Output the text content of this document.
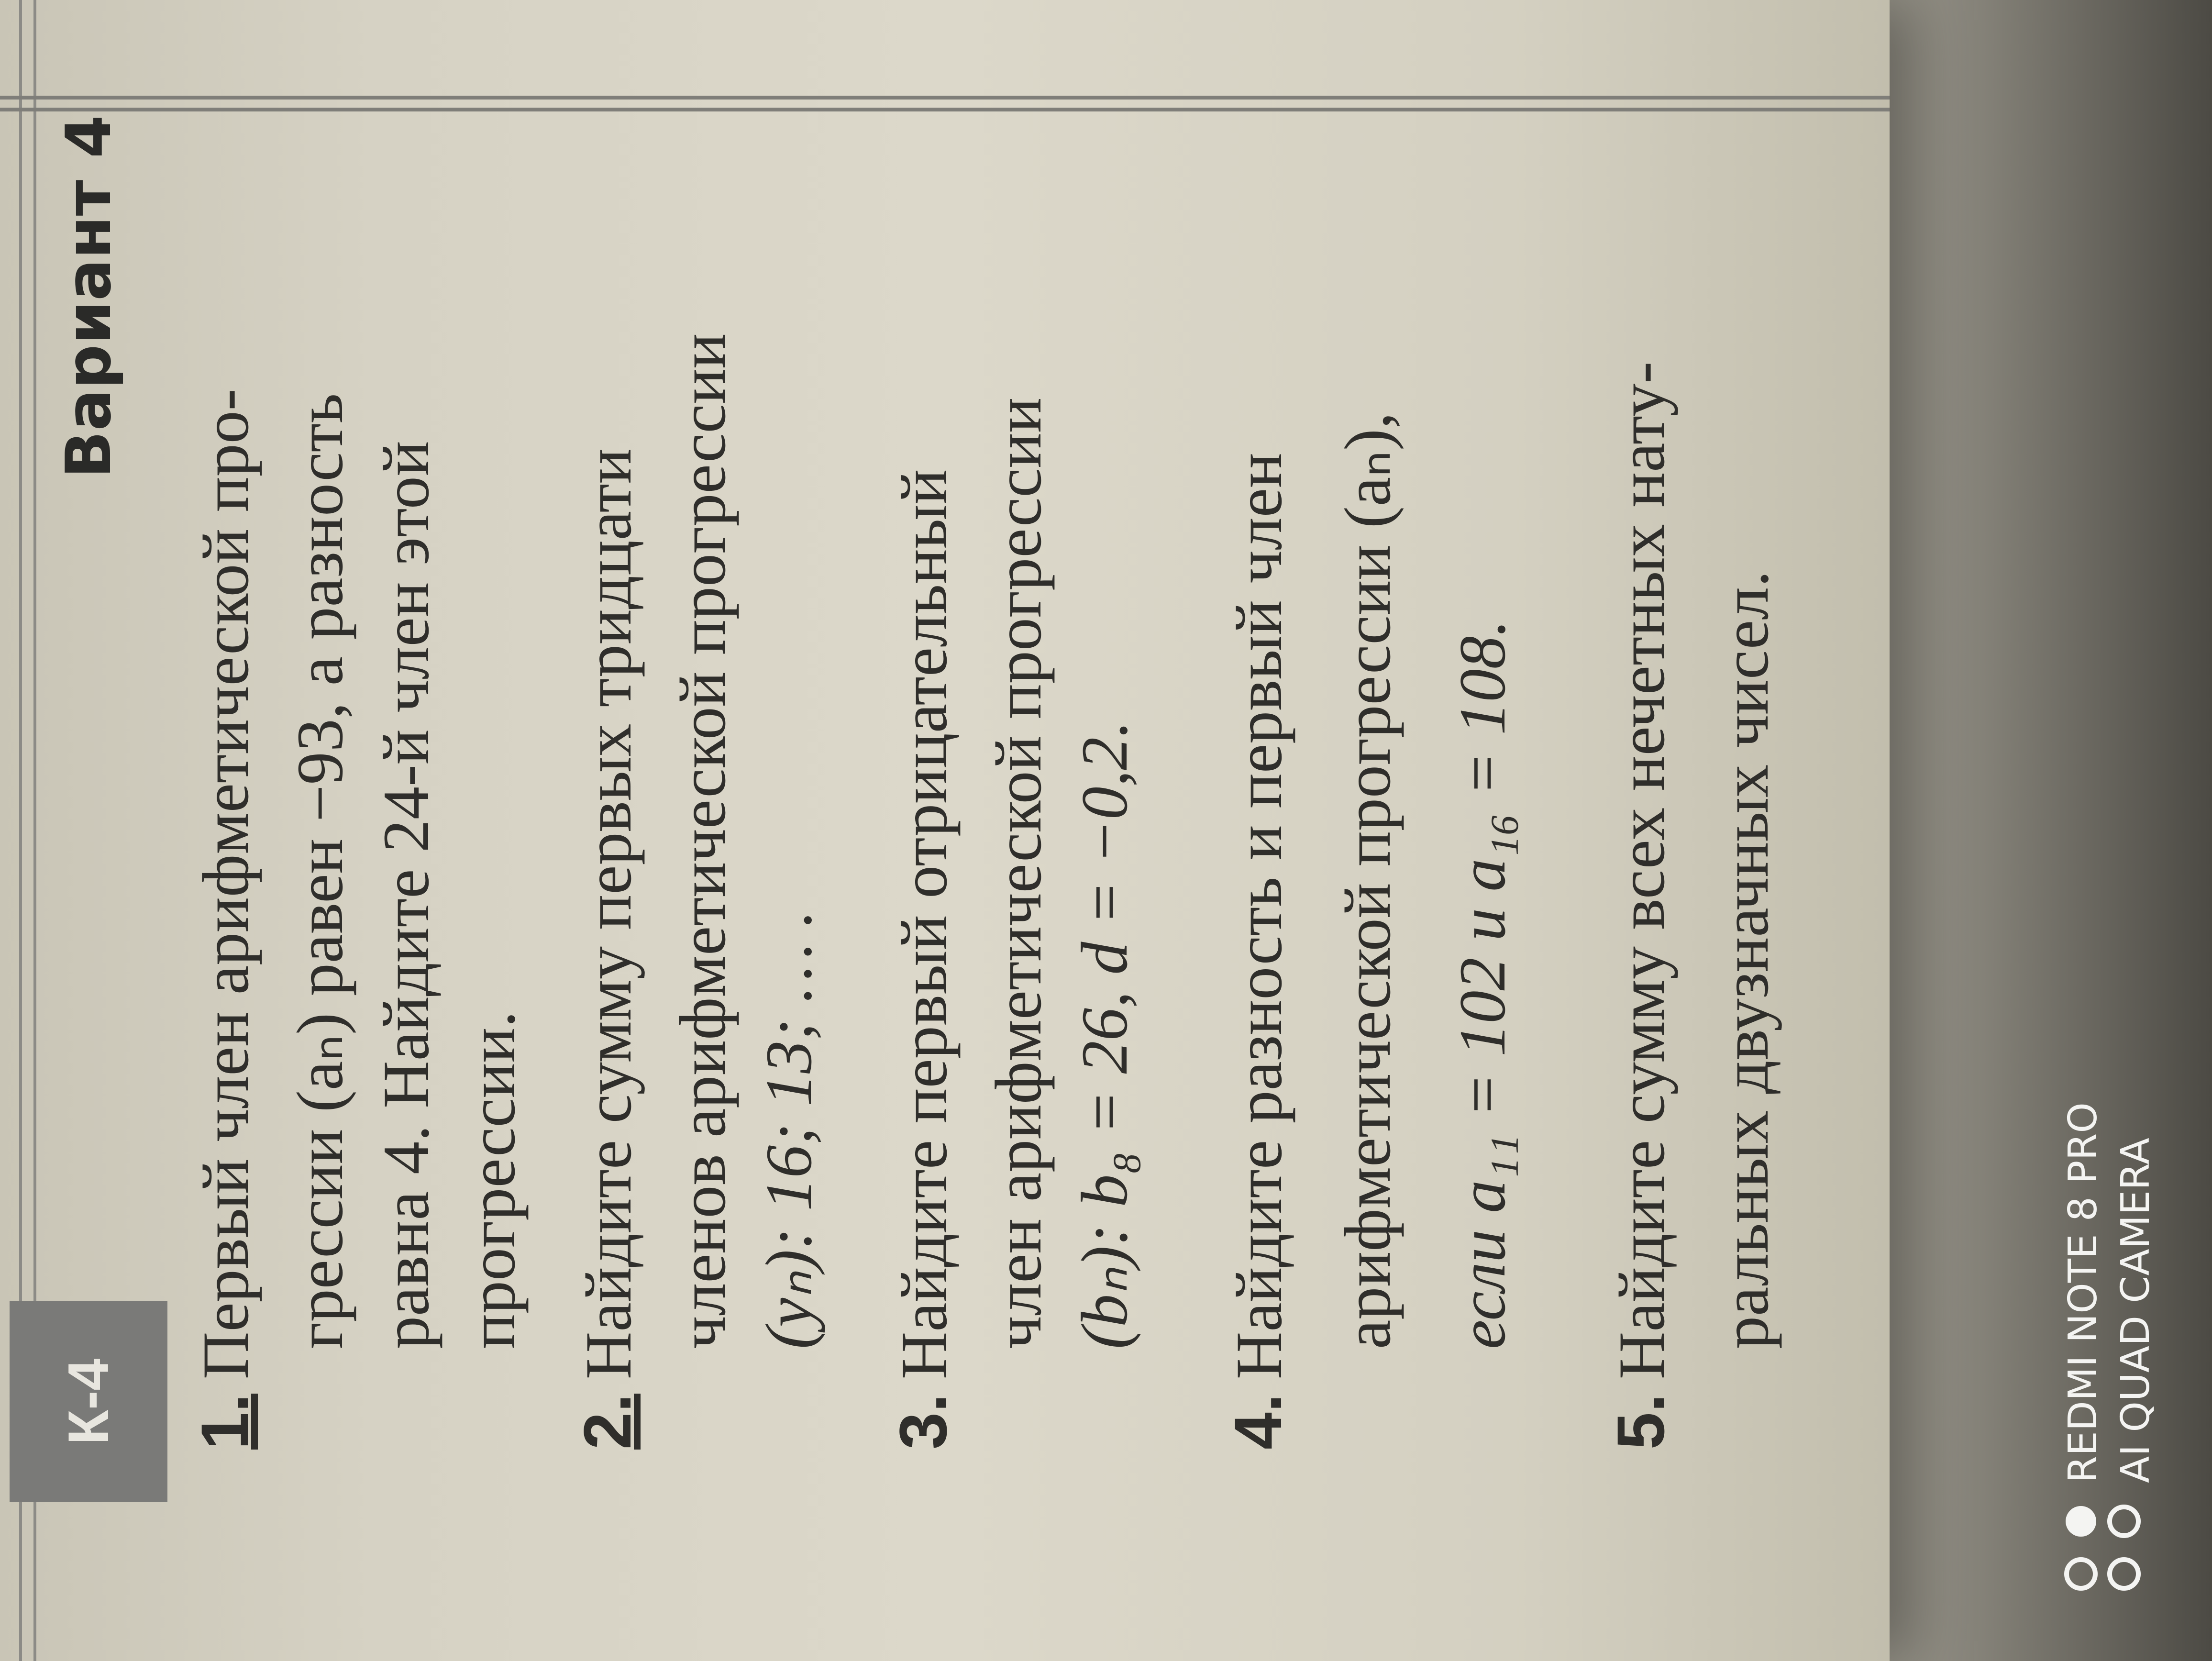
К-4
Вариант 4
1.Первый член арифметической про- грессии (aₙ) равен −93, а разность равна 4. Найдите 24-й член этой прогрессии.
2.Найдите сумму первых тридцати членов арифметической прогрессии (yₙ): 16; 13; … .
3.Найдите первый отрицательный член арифметической прогрессии (bₙ): b₈ = 26, d = −0,2.
4.Найдите разность и первый член арифметической прогрессии (aₙ), если a₁₁ = 102 и a₁₆ = 108.
5.Найдите сумму всех нечетных нату- ральных двузначных чисел.	REDMI NOTE 8 PRO AI QUAD CAMERA
